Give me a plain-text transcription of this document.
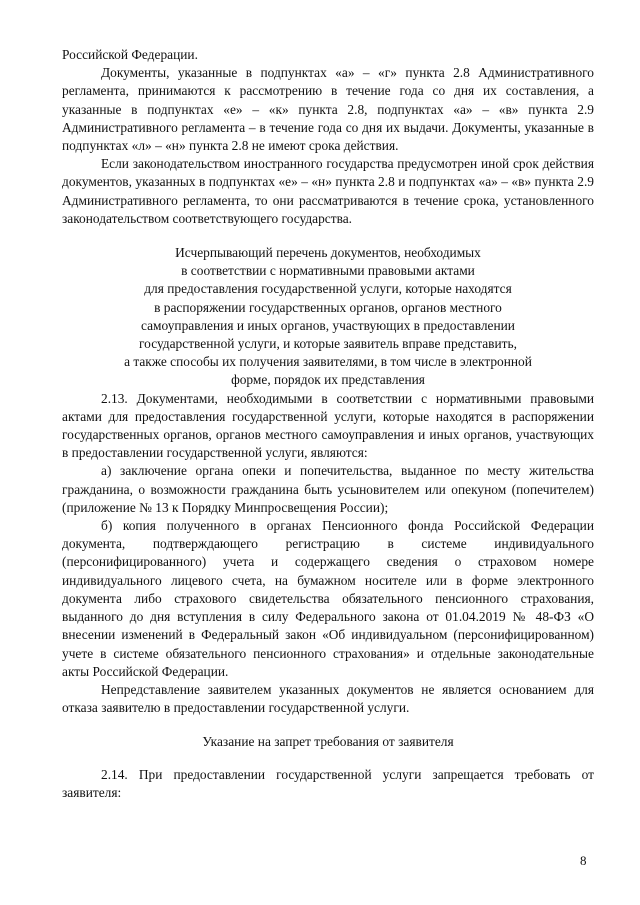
Российской Федерации.

Документы, указанные в подпунктах «а» – «г» пункта 2.8 Административного регламента, принимаются к рассмотрению в течение года со дня их составления, а указанные в подпунктах «е» – «к» пункта 2.8, подпунктах «а» – «в» пункта 2.9 Административного регламента – в течение года со дня их выдачи. Документы, указанные в подпунктах «л» – «н» пункта 2.8 не имеют срока действия.

Если законодательством иностранного государства предусмотрен иной срок действия документов, указанных в подпунктах «е» – «н» пункта 2.8 и подпунктах «а» – «в» пункта 2.9 Административного регламента, то они рассматриваются в течение срока, установленного законодательством соответствующего государства.

Исчерпывающий перечень документов, необходимых
в соответствии с нормативными правовыми актами
для предоставления государственной услуги, которые находятся
в распоряжении государственных органов, органов местного
самоуправления и иных органов, участвующих в предоставлении
государственной услуги, и которые заявитель вправе представить,
а также способы их получения заявителями, в том числе в электронной
форме, порядок их представления

2.13. Документами, необходимыми в соответствии с нормативными правовыми актами для предоставления государственной услуги, которые находятся в распоряжении государственных органов, органов местного самоуправления и иных органов, участвующих в предоставлении государственной услуги, являются:

а) заключение органа опеки и попечительства, выданное по месту жительства гражданина, о возможности гражданина быть усыновителем или опекуном (попечителем) (приложение № 13 к Порядку Минпросвещения России);

б) копия полученного в органах Пенсионного фонда Российской Федерации документа, подтверждающего регистрацию в системе индивидуального (персонифицированного) учета и содержащего сведения о страховом номере индивидуального лицевого счета, на бумажном носителе или в форме электронного документа либо страхового свидетельства обязательного пенсионного страхования, выданного до дня вступления в силу Федерального закона от 01.04.2019 № 48-ФЗ «О внесении изменений в Федеральный закон «Об индивидуальном (персонифицированном) учете в системе обязательного пенсионного страхования» и отдельные законодательные акты Российской Федерации.

Непредставление заявителем указанных документов не является основанием для отказа заявителю в предоставлении государственной услуги.

Указание на запрет требования от заявителя

2.14. При предоставлении государственной услуги запрещается требовать от заявителя:

8
